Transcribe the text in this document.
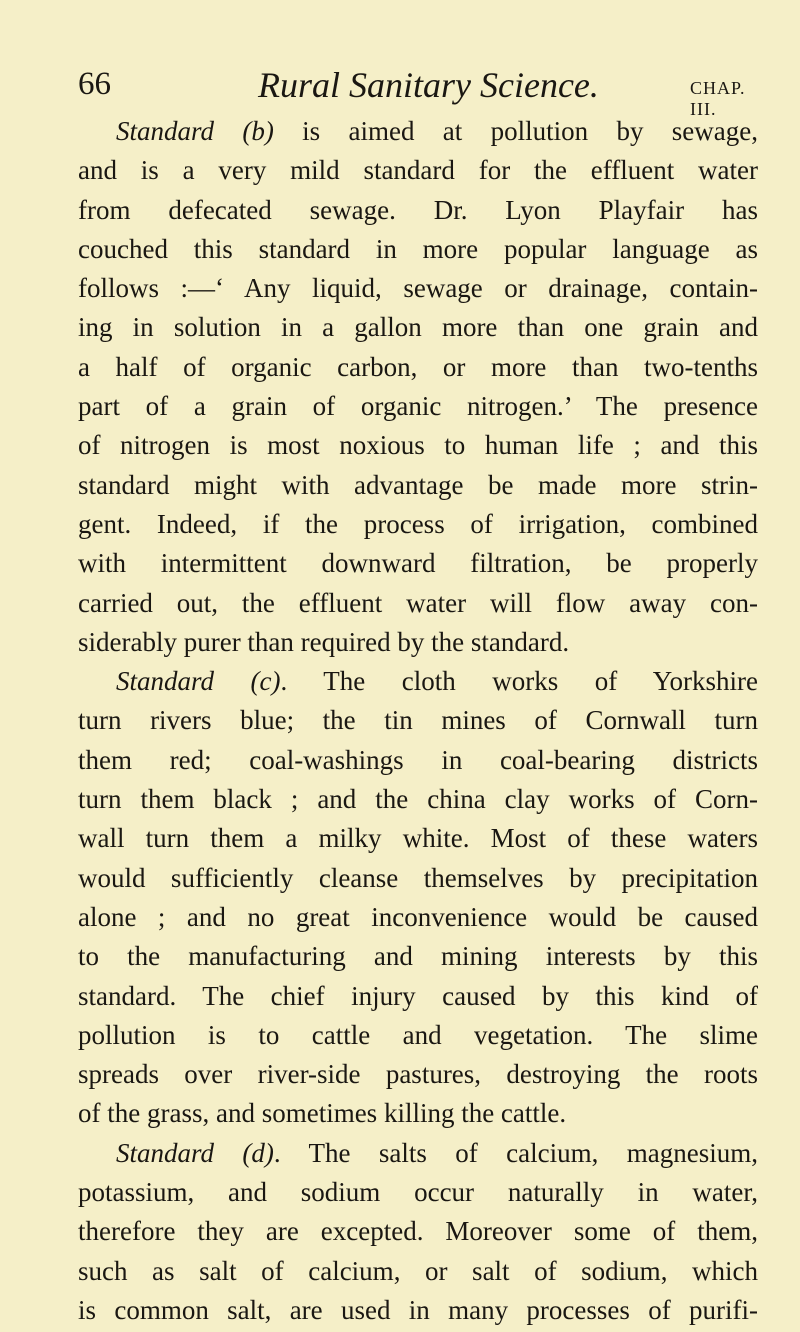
66	Rural Sanitary Science.	CHAP. III.
Standard (b) is aimed at pollution by sewage,
and is a very mild standard for the effluent water
from defecated sewage. Dr. Lyon Playfair has
couched this standard in more popular language as
follows :—‘ Any liquid, sewage or drainage, contain-
ing in solution in a gallon more than one grain and
a half of organic carbon, or more than two-tenths
part of a grain of organic nitrogen.’ The presence
of nitrogen is most noxious to human life ; and this
standard might with advantage be made more strin-
gent. Indeed, if the process of irrigation, combined
with intermittent downward filtration, be properly
carried out, the effluent water will flow away con-
siderably purer than required by the standard.
Standard (c). The cloth works of Yorkshire
turn rivers blue; the tin mines of Cornwall turn
them red; coal-washings in coal-bearing districts
turn them black ; and the china clay works of Corn-
wall turn them a milky white. Most of these waters
would sufficiently cleanse themselves by precipitation
alone ; and no great inconvenience would be caused
to the manufacturing and mining interests by this
standard. The chief injury caused by this kind of
pollution is to cattle and vegetation. The slime
spreads over river-side pastures, destroying the roots
of the grass, and sometimes killing the cattle.
Standard (d). The salts of calcium, magnesium,
potassium, and sodium occur naturally in water,
therefore they are excepted. Moreover some of them,
such as salt of calcium, or salt of sodium, which
is common salt, are used in many processes of purifi-
